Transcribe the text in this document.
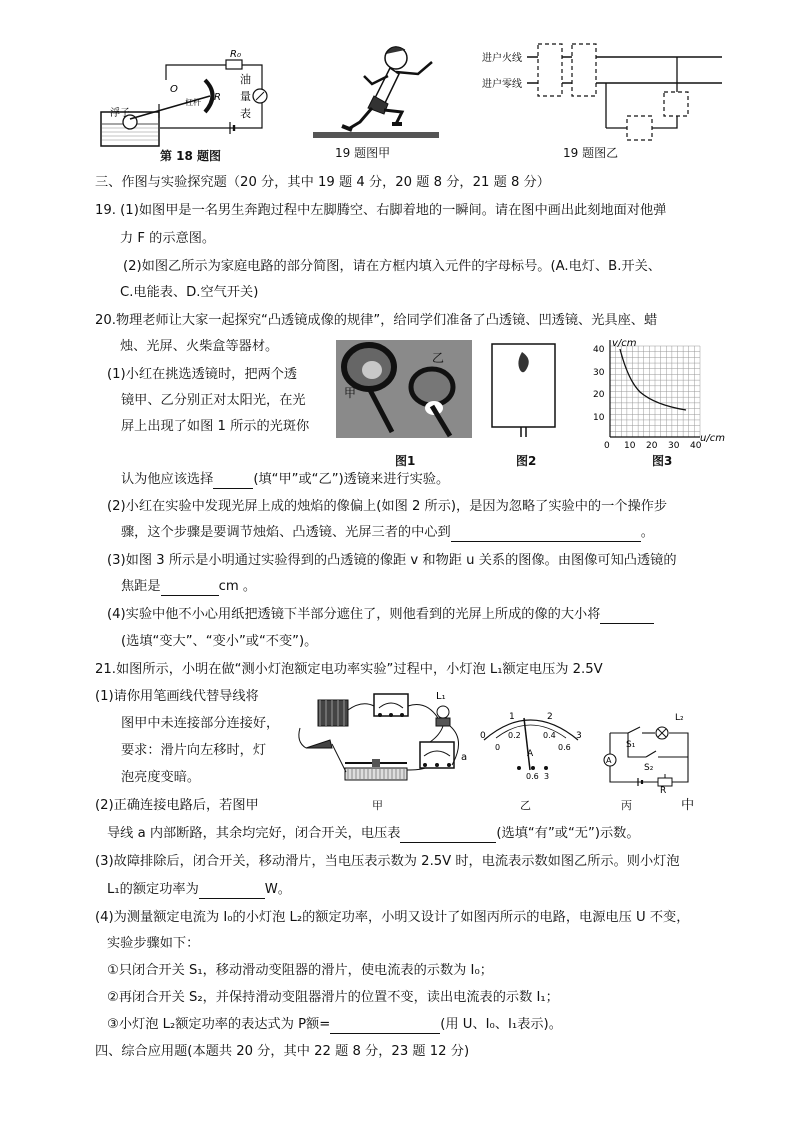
浮子
O
杠杆 R
R₀
油
量
表
第 18 题图	19 题图甲
进户火线
进户零线
19 题图乙
三、作图与实验探究题（20 分，其中 19 题 4 分，20 题 8 分，21 题 8 分）
19. (1)如图甲是一名男生奔跑过程中左脚腾空、右脚着地的一瞬间。请在图中画出此刻地面对他弹
力 F 的示意图。
(2)如图乙所示为家庭电路的部分简图，请在方框内填入元件的字母标号。(A.电灯、B.开关、
C.电能表、D.空气开关)
20.物理老师让大家一起探究“凸透镜成像的规律”，给同学们准备了凸透镜、凹透镜、光具座、蜡
烛、光屏、火柴盒等器材。
(1)小红在挑选透镜时，把两个透
镜甲、乙分别正对太阳光，在光
屏上出现了如图 1 所示的光斑你
认为他应该选择	(填“甲”或“乙”)透镜来进行实验。
甲
乙
图1	图2
v/cm
u/cm
10
20
30
40
0 10 20 30 40
图3
(2)小红在实验中发现光屏上成的烛焰的像偏上(如图 2 所示)，是因为忽略了实验中的一个操作步
骤，这个步骤是要调节烛焰、凸透镜、光屏三者的中心到	。
(3)如图 3 所示是小明通过实验得到的凸透镜的像距 v 和物距 u 关系的图像。由图像可知凸透镜的
焦距是	cm 。
(4)实验中他不小心用纸把透镜下半部分遮住了，则他看到的光屏上所成的像的大小将
(选填“变大”、“变小”或“不变”)。
21.如图所示，小明在做“测小灯泡额定电功率实验”过程中，小灯泡 L₁额定电压为 2.5V
(1)请你用笔画线代替导线将
图甲中未连接部分连接好，
要求：滑片向左移时，灯
泡亮度变暗。
(2)正确连接电路后，若图甲	中
L₁
a
甲
0
1	2
3
0
0.2	0.4
0.6
A
0.6 3
乙
A
L₂
S₁
S₂
R
丙
导线 a 内部断路，其余均完好，闭合开关，电压表	(选填“有”或“无”)示数。
(3)故障排除后，闭合开关，移动滑片，当电压表示数为 2.5V 时，电流表示数如图乙所示。则小灯泡
L₁的额定功率为	W。
(4)为测量额定电流为 I₀的小灯泡 L₂的额定功率，小明又设计了如图丙所示的电路，电源电压 U 不变，
实验步骤如下：
①只闭合开关 S₁，移动滑动变阻器的滑片，使电流表的示数为 I₀；
②再闭合开关 S₂，并保持滑动变阻器滑片的位置不变，读出电流表的示数 I₁；
③小灯泡 L₂额定功率的表达式为 P额=	(用 U、I₀、I₁表示)。
四、综合应用题(本题共 20 分，其中 22 题 8 分，23 题 12 分)
